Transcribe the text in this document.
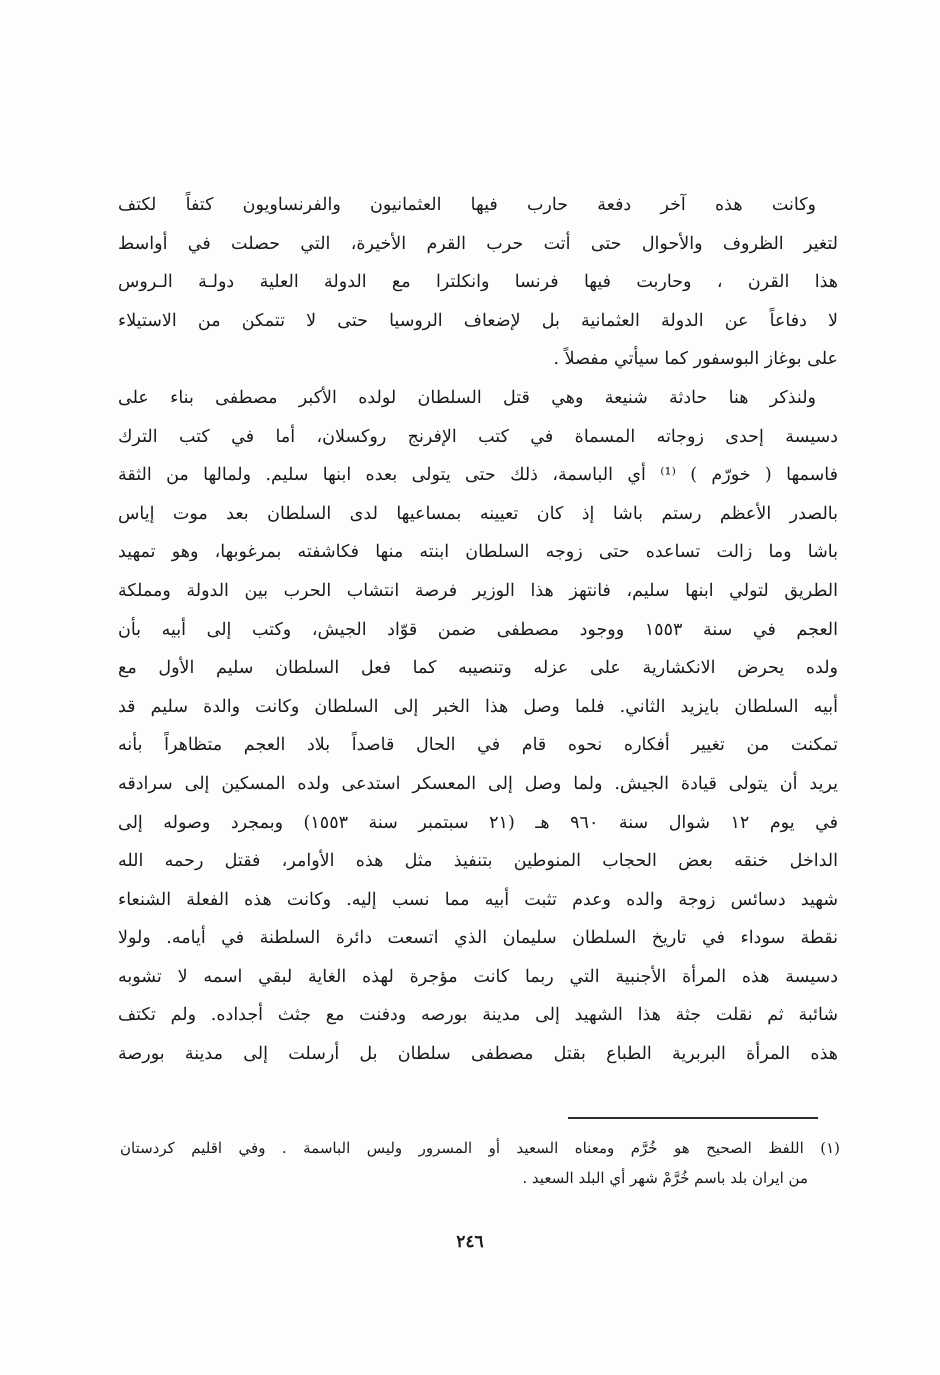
وكانت هذه آخر دفعة حارب فيها العثمانيون والفرنساويون كتفاً لكتف
لتغير الظروف والأحوال حتى أتت حرب القرم الأخيرة، التي حصلت في أواسط
هذا القرن ، وحاربت فيها فرنسا وانكلترا مع الدولة العلية دولـة الـروس
لا دفاعاً عن الدولة العثمانية بل لإضعاف الروسيا حتى لا تتمكن من الاستيلاء
على بوغاز البوسفور كما سيأتي مفصلاً .
ولنذكر هنا حادثة شنيعة وهي قتل السلطان لولده الأكبر مصطفى بناء على
دسيسة إحدى زوجاته المسماة في كتب الإفرنج روكسلان، أما في كتب الترك
فاسمها ( خورّم ) ⁽¹⁾ أي الباسمة، ذلك حتى يتولى بعده ابنها سليم. ولمالها من الثقة
بالصدر الأعظم رستم باشا إذ كان تعيينه بمساعيها لدى السلطان بعد موت إياس
باشا وما زالت تساعده حتى زوجه السلطان ابنته منها فكاشفته بمرغوبها، وهو تمهيد
الطريق لتولي ابنها سليم، فانتهز هذا الوزير فرصة انتشاب الحرب بين الدولة ومملكة
العجم في سنة ١٥٥٣ ووجود مصطفى ضمن قوّاد الجيش، وكتب إلى أبيه بأن
ولده يحرض الانكشارية على عزله وتنصيبه كما فعل السلطان سليم الأول مع
أبيه السلطان بايزيد الثاني. فلما وصل هذا الخبر إلى السلطان وكانت والدة سليم قد
تمكنت من تغيير أفكاره نحوه قام في الحال قاصداً بلاد العجم متظاهراً بأنه
يريد أن يتولى قيادة الجيش. ولما وصل إلى المعسكر استدعى ولده المسكين إلى سرادقه
في يوم ١٢ شوال سنة ٩٦٠ هـ (٢١ سبتمبر سنة ١٥٥٣) وبمجرد وصوله إلى
الداخل خنقه بعض الحجاب المنوطين بتنفيذ مثل هذه الأوامر، فقتل رحمه الله
شهيد دسائس زوجة والده وعدم تثبت أبيه مما نسب إليه. وكانت هذه الفعلة الشنعاء
نقطة سوداء في تاريخ السلطان سليمان الذي اتسعت دائرة السلطنة في أيامه. ولولا
دسيسة هذه المرأة الأجنبية التي ربما كانت مؤجرة لهذه الغاية لبقي اسمه لا تشوبه
شائبة ثم نقلت جثة هذا الشهيد إلى مدينة بورصه ودفنت مع جثث أجداده. ولم تكتف
هذه المرأة البربرية الطباع بقتل مصطفى سلطان بل أرسلت إلى مدينة بورصة
(١) اللفظ الصحيح هو خُرَّم ومعناه السعيد أو المسرور وليس الباسمة . وفي اقليم كردستان
من ايران بلد باسم خُرَّمْ شهر أي البلد السعيد .
٢٤٦
